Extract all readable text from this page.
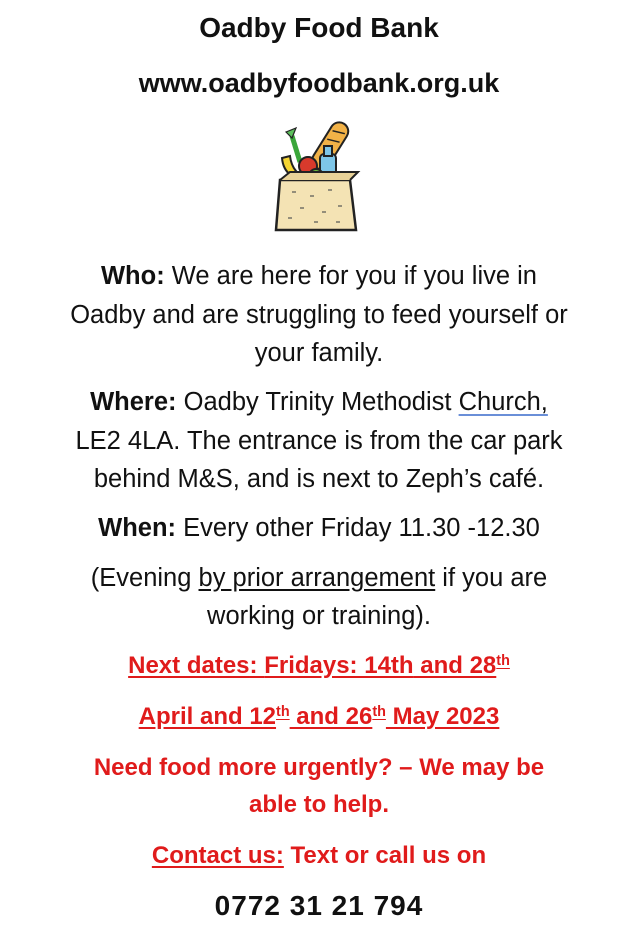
Oadby Food Bank
www.oadbyfoodbank.org.uk
Who: We are here for you if you live in
Oadby and are struggling to feed yourself or
your family.
Where: Oadby Trinity Methodist Church,
LE2 4LA. The entrance is from the car park
behind M&S, and is next to Zeph’s café.
When: Every other Friday 11.30 -12.30
(Evening by prior arrangement if you are
working or training).
Next dates: Fridays: 14th and 28th
April and 12th and 26th May 2023
Need food more urgently? – We may be
able to help.
Contact us: Text or call us on
0772 31 21 794
